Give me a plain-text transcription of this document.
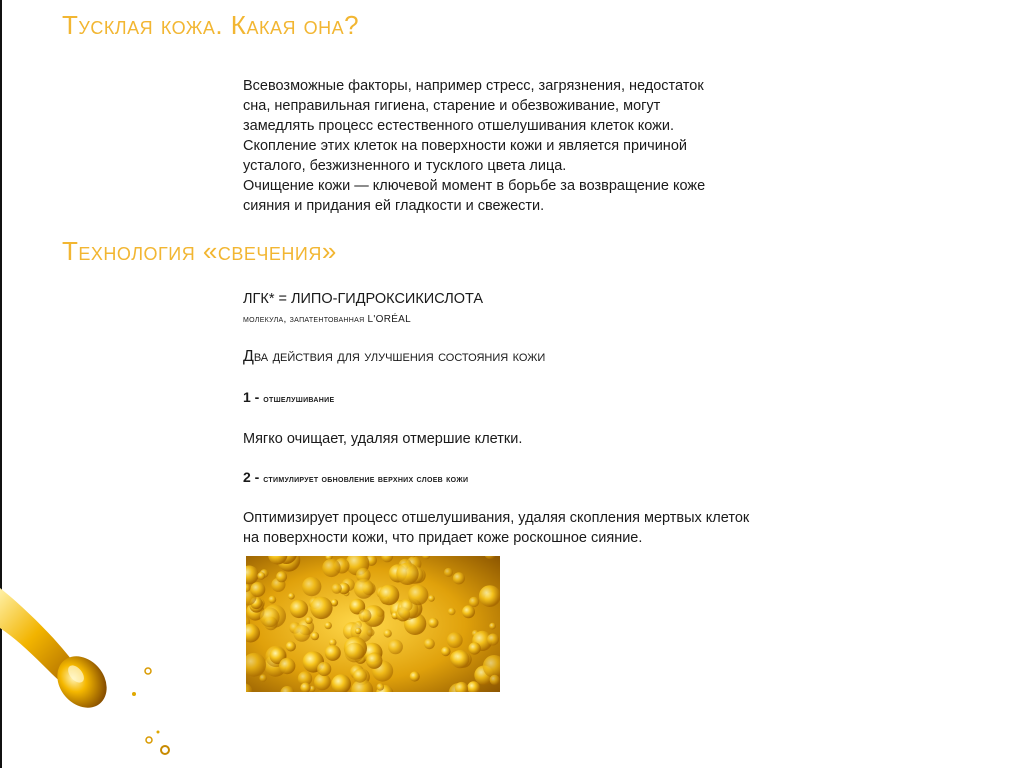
Тусклая кожа. Какая она?

Всевозможные факторы, например стресс, загрязнения, недостаток
сна, неправильная гигиена, старение и обезвоживание, могут
замедлять процесс естественного отшелушивания клеток кожи.
Скопление этих клеток на поверхности кожи и является причиной
усталого, безжизненного и тусклого цвета лица.
Очищение кожи — ключевой момент в борьбе за возвращение коже
сияния и придания ей гладкости и свежести.

Технология «свечения»
ЛГК* = ЛИПО-ГИДРОКСИКИСЛОТА
молекула, запатентованная L'ORÉAL
Два действия для улучшения состояния кожи
1 - отшелушивание
Мягко очищает, удаляя отмершие клетки.
2 - стимулирует обновление верхних слоев кожи
Оптимизирует процесс отшелушивания, удаляя скопления мертвых клеток
на поверхности кожи, что придает коже роскошное сияние.
